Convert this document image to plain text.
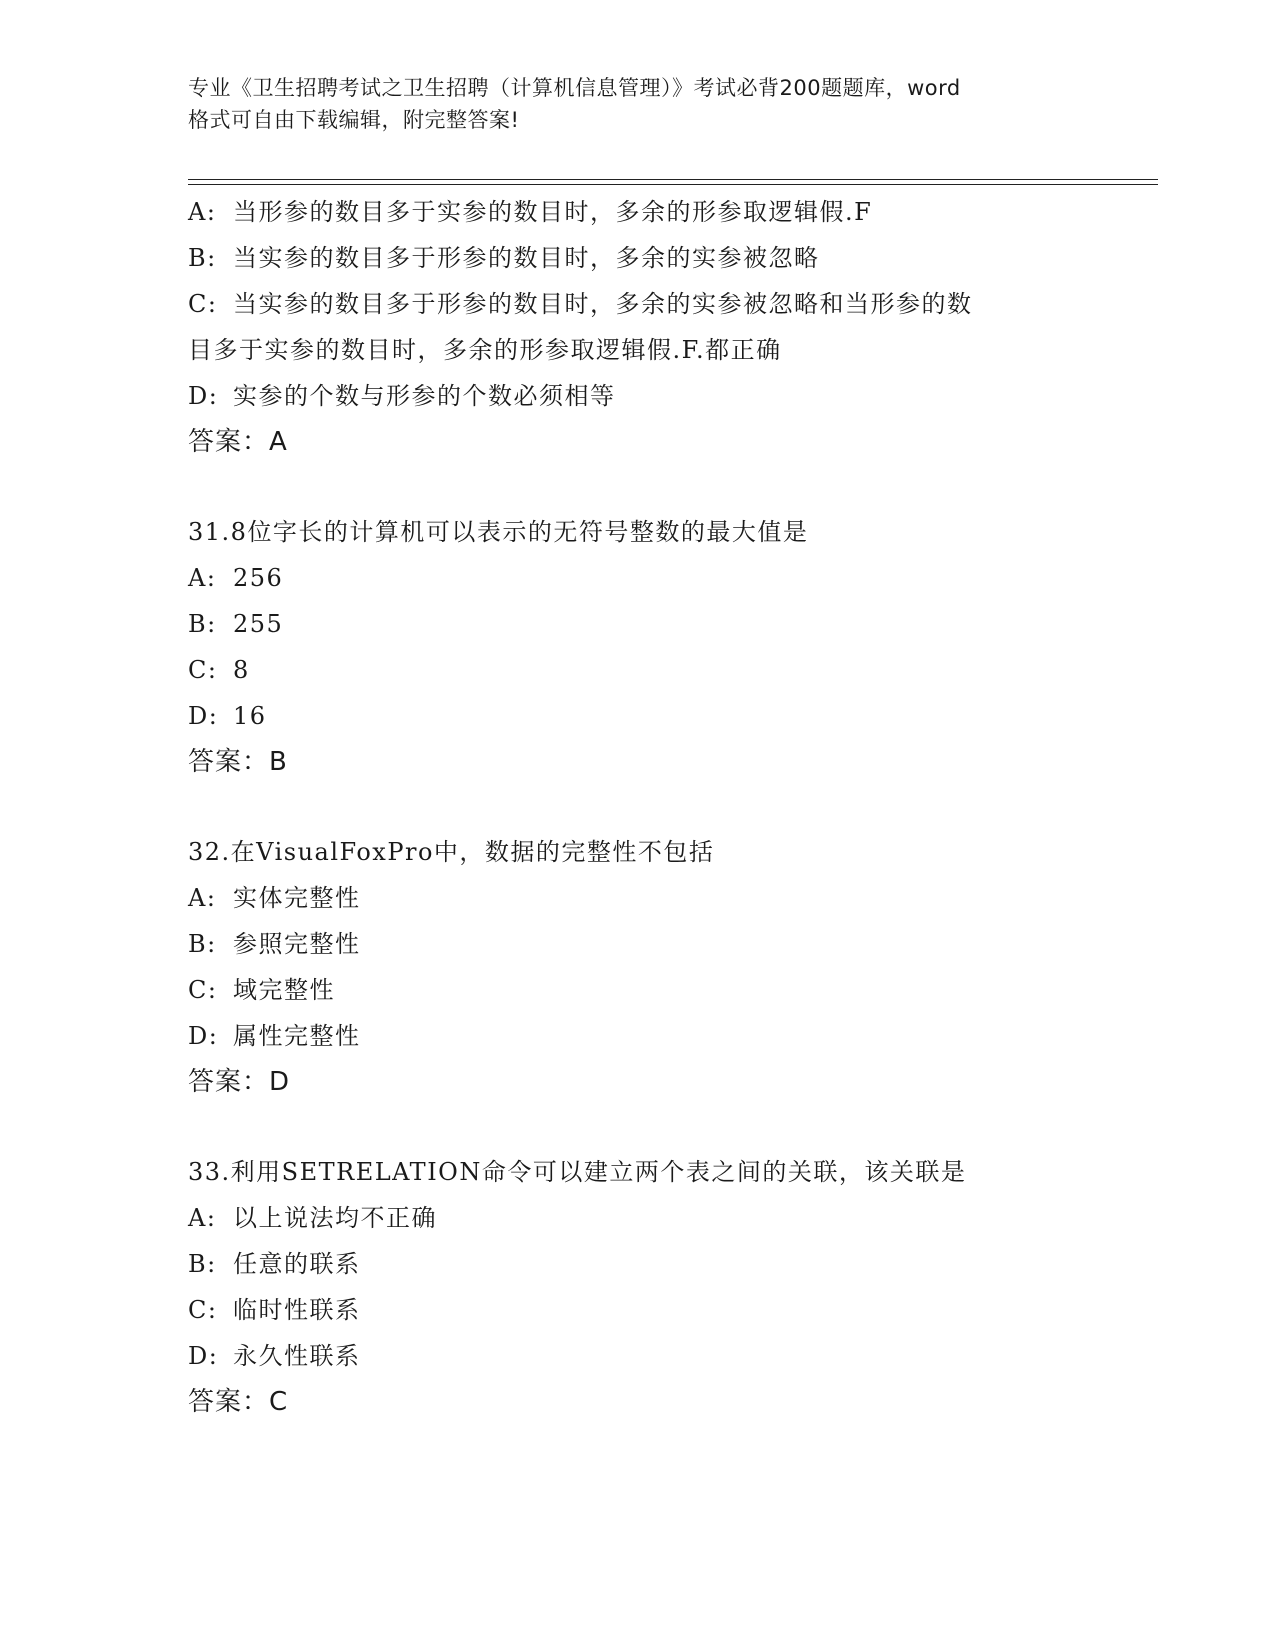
专业《卫生招聘考试之卫生招聘（计算机信息管理）》考试必背200题题库，word
格式可自由下载编辑，附完整答案!
A: 当形参的数目多于实参的数目时，多余的形参取逻辑假.F
B: 当实参的数目多于形参的数目时，多余的实参被忽略
C: 当实参的数目多于形参的数目时，多余的实参被忽略和当形参的数
目多于实参的数目时，多余的形参取逻辑假.F.都正确
D: 实参的个数与形参的个数必须相等
答案：A
31.8位字长的计算机可以表示的无符号整数的最大值是
A: 256
B: 255
C: 8
D: 16
答案：B
32.在VisualFoxPro中，数据的完整性不包括
A: 实体完整性
B: 参照完整性
C: 域完整性
D: 属性完整性
答案：D
33.利用SETRELATION命令可以建立两个表之间的关联，该关联是
A: 以上说法均不正确
B: 任意的联系
C: 临时性联系
D: 永久性联系
答案：C
